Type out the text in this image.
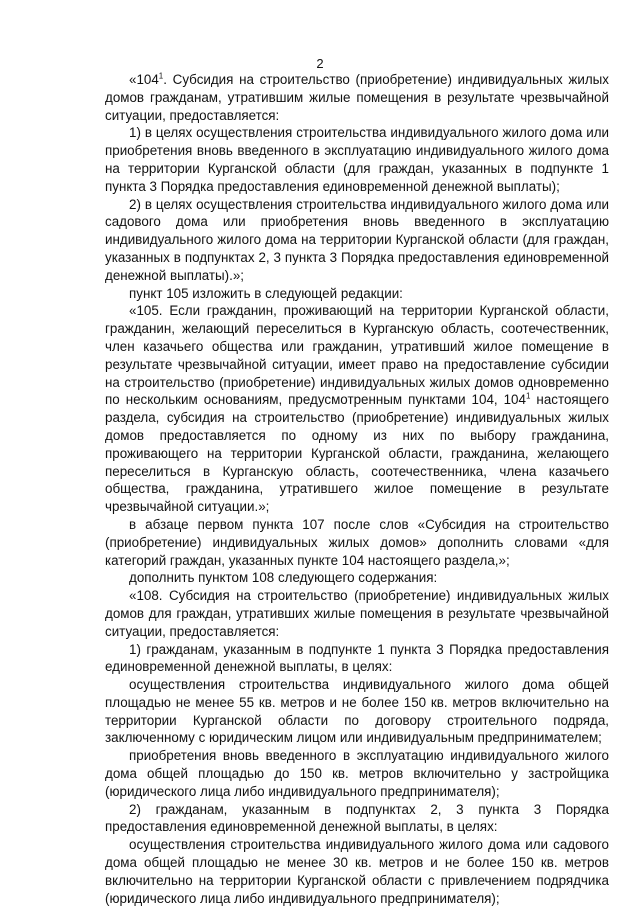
2

«$104^1$. Субсидия на строительство (приобретение) индивидуальных жилых домов гражданам, утратившим жилые помещения в результате чрезвычайной ситуации, предоставляется:

1) в целях осуществления строительства индивидуального жилого дома или приобретения вновь введенного в эксплуатацию индивидуального жилого дома на территории Курганской области (для граждан, указанных в подпункте 1 пункта 3 Порядка предоставления единовременной денежной выплаты);

2) в целях осуществления строительства индивидуального жилого дома или садового дома или приобретения вновь введенного в эксплуатацию индивидуального жилого дома на территории Курганской области (для граждан, указанных в подпунктах 2, 3 пункта 3 Порядка предоставления единовременной денежной выплаты).»;

пункт 105 изложить в следующей редакции:

«105. Если гражданин, проживающий на территории Курганской области, гражданин, желающий переселиться в Курганскую область, соотечественник, член казачьего общества или гражданин, утративший жилое помещение в результате чрезвычайной ситуации, имеет право на предоставление субсидии на строительство (приобретение) индивидуальных жилых домов одновременно по нескольким основаниям, предусмотренным пунктами 104, $104^1$ настоящего раздела, субсидия на строительство (приобретение) индивидуальных жилых домов предоставляется по одному из них по выбору гражданина, проживающего на территории Курганской области, гражданина, желающего переселиться в Курганскую область, соотечественника, члена казачьего общества, гражданина, утратившего жилое помещение в результате чрезвычайной ситуации.»;

в абзаце первом пункта 107 после слов «Субсидия на строительство (приобретение) индивидуальных жилых домов» дополнить словами «для категорий граждан, указанных пункте 104 настоящего раздела,»;

дополнить пунктом 108 следующего содержания:

«108. Субсидия на строительство (приобретение) индивидуальных жилых домов для граждан, утративших жилые помещения в результате чрезвычайной ситуации, предоставляется:

1) гражданам, указанным в подпункте 1 пункта 3 Порядка предоставления единовременной денежной выплаты, в целях:

осуществления строительства индивидуального жилого дома общей площадью не менее 55 кв. метров и не более 150 кв. метров включительно на территории Курганской области по договору строительного подряда, заключенному с юридическим лицом или индивидуальным предпринимателем;

приобретения вновь введенного в эксплуатацию индивидуального жилого дома общей площадью до 150 кв. метров включительно у застройщика (юридического лица либо индивидуального предпринимателя);

2) гражданам, указанным в подпунктах 2, 3 пункта 3 Порядка предоставления единовременной денежной выплаты, в целях:

осуществления строительства индивидуального жилого дома или садового дома общей площадью не менее 30 кв. метров и не более 150 кв. метров включительно на территории Курганской области с привлечением подрядчика (юридического лица либо индивидуального предпринимателя);
